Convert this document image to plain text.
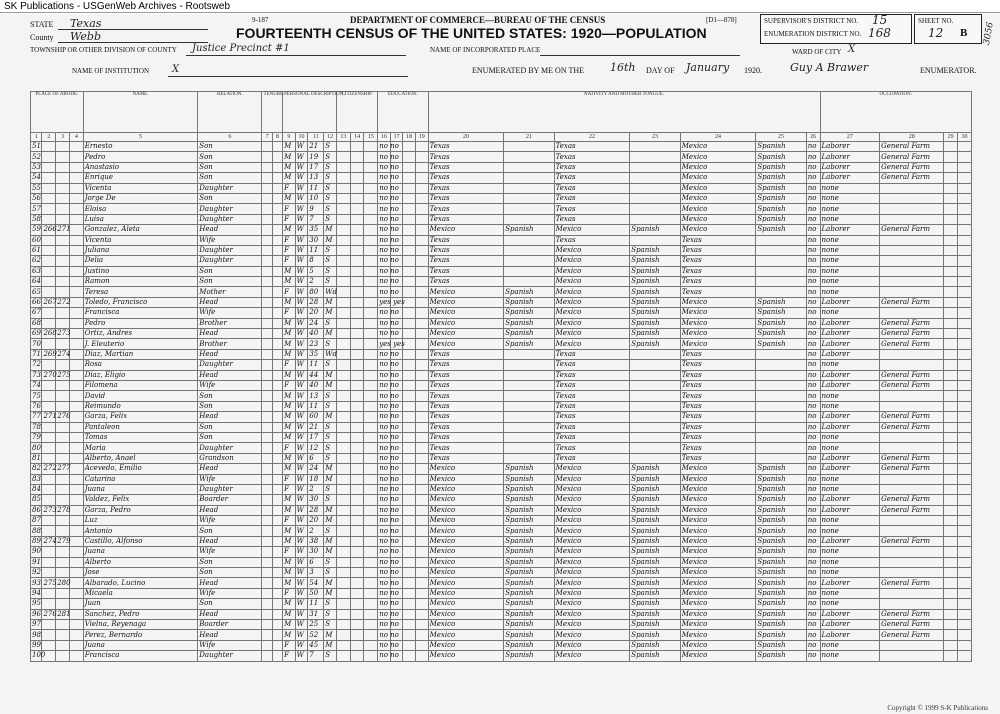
SK Publications - USGenWeb Archives - Rootsweb
9-187	DEPARTMENT OF COMMERCE—BUREAU OF THE CENSUS	[D1—878]
FOURTEENTH CENSUS OF THE UNITED STATES: 1920—POPULATION
STATE Texas
County Webb
TOWNSHIP OR OTHER DIVISION OF COUNTY Justice Precinct #1	NAME OF INCORPORATED PLACE	WARD OF CITY X
NAME OF INSTITUTION X	ENUMERATED BY ME ON THE 16th DAY OF January 1920.	Guy A Brawer	ENUMERATOR.
SUPERVISOR'S DISTRICT NO. 15
ENUMERATION DISTRICT NO. 168
SHEET NO.
12 B 3056
PLACE OF ABODE.				NAME.	RELATION.	TENURE.		PERSONAL DESCRIPTION.				CITIZENSHIP.			EDUCATION.				NATIVITY AND MOTHER TONGUE.							OCCUPATION.			
1	2	3	4	5	6	7	8	9	10	11	12	13	14	15	16	17	18	19	20	21	22	23	24	25	26	27	28	29	30
51				Ernesto	Son			M	W	21	S				no no				Texas		Texas		Mexico	Spanish	no	Laborer	General Farm		
52				Pedro	Son			M	W	19	S				no no				Texas		Texas		Mexico	Spanish	no	Laborer	General Farm		
53				Anastasio	Son			M	W	17	S				no no				Texas		Texas		Mexico	Spanish	no	Laborer	General Farm		
54				Enrique	Son			M	W	13	S				no no				Texas		Texas		Mexico	Spanish	no	Laborer	General Farm		
55				Vicenta	Daughter			F	W	11	S				no no				Texas		Texas		Mexico	Spanish	no	none			
56				Jorge De	Son			M	W	10	S				no no				Texas		Texas		Mexico	Spanish	no	none			
57				Eloisa	Daughter			F	W	9	S				no no				Texas		Texas		Mexico	Spanish	no	none			
58				Luisa	Daughter			F	W	7	S				no no				Texas		Texas		Mexico	Spanish	no	none			
59	266	271		Gonzalez, Aleta	Head			M	W	35	M				no no				Mexico	Spanish	Mexico	Spanish	Mexico	Spanish	no	Laborer	General Farm		
60				Vicenta	Wife			F	W	30	M				no no				Texas		Texas		Texas		no	none			
61				Juliana	Daughter			F	W	11	S				no no				Texas		Mexico	Spanish	Texas		no	none			
62				Delia	Daughter			F	W	8	S				no no				Texas		Mexico	Spanish	Texas		no	none			
63				Justino	Son			M	W	5	S				no no				Texas		Mexico	Spanish	Texas		no	none			
64				Ramon	Son			M	W	2	S				no no				Texas		Mexico	Spanish	Texas		no	none			
65				Teresa	Mother			F	W	80	Wd				no no				Mexico	Spanish	Mexico	Spanish	Texas		no	none			
66	267	272		Toledo, Francisco	Head			M	W	28	M				yes yes				Mexico	Spanish	Mexico	Spanish	Mexico	Spanish	no	Laborer	General Farm		
67				Francisca	Wife			F	W	20	M				no no				Mexico	Spanish	Mexico	Spanish	Mexico	Spanish	no	none			
68				Pedro	Brother			M	W	24	S				no no				Mexico	Spanish	Mexico	Spanish	Mexico	Spanish	no	Laborer	General Farm		
69	268	273		Ortiz, Andres	Head			M	W	40	M				no no				Mexico	Spanish	Mexico	Spanish	Mexico	Spanish	no	Laborer	General Farm		
70				J. Eleuterio	Brother			M	W	23	S				yes yes				Mexico	Spanish	Mexico	Spanish	Mexico	Spanish	no	Laborer	General Farm		
71	269	274		Diaz, Martian	Head			M	W	35	Wd				no no				Texas		Texas		Texas		no	Laborer			
72				Rosa	Daughter			F	W	11	S				no no				Texas		Texas		Texas		no	none			
73	270	275		Diaz, Eligio	Head			M	W	44	M				no no				Texas		Texas		Texas		no	Laborer	General Farm		
74				Filomena	Wife			F	W	40	M				no no				Texas		Texas		Texas		no	Laborer	General Farm		
75				David	Son			M	W	13	S				no no				Texas		Texas		Texas		no	none			
76				Reimundo	Son			M	W	11	S				no no				Texas		Texas		Texas		no	none			
77	271	276		Garza, Felix	Head			M	W	60	M				no no				Texas		Texas		Texas		no	Laborer	General Farm		
78				Pantaleon	Son			M	W	21	S				no no				Texas		Texas		Texas		no	Laborer	General Farm		
79				Tomas	Son			M	W	17	S				no no				Texas		Texas		Texas		no	none			
80				Maria	Daughter			F	W	12	S				no no				Texas		Texas		Texas		no	none			
81				Alberto, Anael	Grandson			M	W	6	S				no no				Texas		Texas		Texas		no	Laborer	General Farm		
82	272	277		Acevedo, Emilio	Head			M	W	24	M				no no				Mexico	Spanish	Mexico	Spanish	Mexico	Spanish	no	Laborer	General Farm		
83				Catarina	Wife			F	W	18	M				no no				Mexico	Spanish	Mexico	Spanish	Mexico	Spanish	no	none			
84				Juana	Daughter			F	W	2	S				no no				Mexico	Spanish	Mexico	Spanish	Mexico	Spanish	no	none			
85				Valdez, Felix	Boarder			M	W	30	S				no no				Mexico	Spanish	Mexico	Spanish	Mexico	Spanish	no	Laborer	General Farm		
86	273	278		Garza, Pedro	Head			M	W	28	M				no no				Mexico	Spanish	Mexico	Spanish	Mexico	Spanish	no	Laborer	General Farm		
87				Luz	Wife			F	W	20	M				no no				Mexico	Spanish	Mexico	Spanish	Mexico	Spanish	no	none			
88				Antonio	Son			M	W	2	S				no no				Mexico	Spanish	Mexico	Spanish	Mexico	Spanish	no	none			
89	274	279		Castillo, Alfonso	Head			M	W	38	M				no no				Mexico	Spanish	Mexico	Spanish	Mexico	Spanish	no	Laborer	General Farm		
90				Juana	Wife			F	W	30	M				no no				Mexico	Spanish	Mexico	Spanish	Mexico	Spanish	no	none			
91				Alberto	Son			M	W	6	S				no no				Mexico	Spanish	Mexico	Spanish	Mexico	Spanish	no	none			
92				Jose	Son			M	W	3	S				no no				Mexico	Spanish	Mexico	Spanish	Mexico	Spanish	no	none			
93	275	280		Albarado, Lucino	Head			M	W	54	M				no no				Mexico	Spanish	Mexico	Spanish	Mexico	Spanish	no	Laborer	General Farm		
94				Micaela	Wife			F	W	50	M				no no				Mexico	Spanish	Mexico	Spanish	Mexico	Spanish	no	none			
95				Juan	Son			M	W	11	S				no no				Mexico	Spanish	Mexico	Spanish	Mexico	Spanish	no	none			
96	276	281		Sanchez, Pedro	Head			M	W	31	S				no no				Mexico	Spanish	Mexico	Spanish	Mexico	Spanish	no	Laborer	General Farm		
97				Vielna, Reyenaga	Boarder			M	W	25	S				no no				Mexico	Spanish	Mexico	Spanish	Mexico	Spanish	no	Laborer	General Farm		
98				Perez, Bernardo	Head			M	W	52	M				no no				Mexico	Spanish	Mexico	Spanish	Mexico	Spanish	no	Laborer	General Farm		
99				Juana	Wife			F	W	45	M				no no				Mexico	Spanish	Mexico	Spanish	Mexico	Spanish	no	none			
100				Francisca	Daughter			F	W	7	S				no no				Mexico	Spanish	Mexico	Spanish	Mexico	Spanish	no	none			
Copyright © 1999 S-K Publications
